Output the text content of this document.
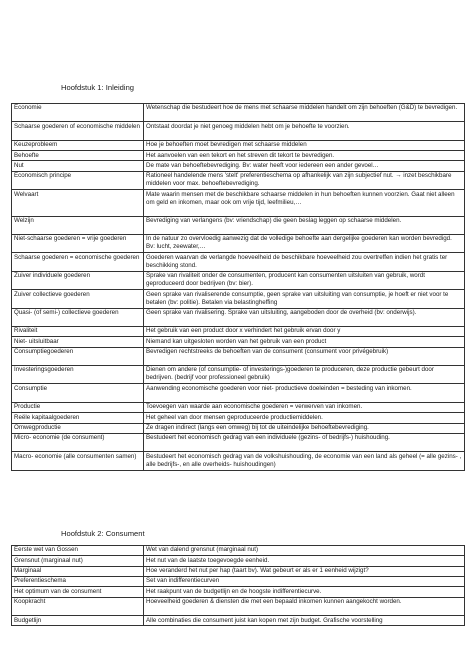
Hoofdstuk 1: Inleiding
Economie	Wetenschap die bestudeert hoe de mens met schaarse middelen handelt om zijn behoeften (G&D) te bevredigen.
Schaarse goederen of economische middelen	Ontstaat doordat je niet genoeg middelen hebt om je behoefte te voorzien.
Keuzeprobleem	Hoe je behoeften moet bevredigen met schaarse middelen
Behoefte	Het aanvoelen van een tekort en het streven dit tekort te bevredigen.
Nut	De mate van behoeftebevrediging. Bv: water heeft voor iedereen een ander gevoel…
Economisch principe	Rationeel handelende mens 'stelt' preferentieschema op afhankelijk van zijn subjectief nut. → inzet beschikbare middelen voor max. behoeftebevrediging.
Welvaart	Mate waarin mensen met de beschikbare schaarse middelen in hun behoeften kunnen voorzien. Gaat niet alleen om geld en inkomen, maar ook om vrije tijd, leefmilieu,…
Welzijn	Bevrediging van verlangens (bv: vriendschap) die geen beslag leggen op schaarse middelen.
Niet-schaarse goederen = vrije goederen	In de natuur zo overvloedig aanwezig dat de volledige behoefte aan dergelijke goederen kan worden bevredigd. Bv: lucht, zeewater,…
Schaarse goederen = economische goederen	Goederen waarvan de verlangde hoeveelheid de beschikbare hoeveelheid zou overtreffen indien het gratis ter beschikking stond.
Zuiver individuele goederen	Sprake van rivaliteit onder de consumenten, producent kan consumenten uitsluiten van gebruik, wordt geproduceerd door bedrijven (bv: bier).
Zuiver collectieve goederen	Geen sprake van rivaliserende consumptie, geen sprake van uitsluiting van consumptie, je hoeft er niet voor te betalen (bv: politie). Betalen via belastingheffing
Quasi- (of semi-) collectieve goederen	Geen sprake van rivalisering. Sprake van uitsluiting, aangeboden door de overheid (bv: onderwijs).
Rivaliteit	Het gebruik van een product door x verhindert het gebruik ervan door y
Niet- uitsluitbaar	Niemand kan uitgesloten worden van het gebruik van een product
Consumptiegoederen	Bevredigen rechtstreeks de behoeften van de consument (consument voor privégebruik)
Investeringsgoederen	Dienen om andere (of consumptie- of investerings-)goederen te produceren, deze productie gebeurt door bedrijven. (bedrijf voor professioneel gebruik)
Consumptie	Aanwending economische goederen voor niet- productieve doeleinden = besteding van inkomen.
Productie	Toevoegen van waarde aan economische goederen = verwerven van inkomen.
Reële kapitaalgoederen	Het geheel van door mensen geproduceerde productiemiddelen.
Omwegproductie	Ze dragen indirect (langs een omweg) bij tot de uiteindelijke behoeftebevrediging.
Micro- economie (de consument)	Bestudeert het economisch gedrag van een individuele (gezins- of bedrijfs-) huishouding.
Macro- economie (alle consumenten samen)	Bestudeert het economisch gedrag van de volkshuishouding, de economie van een land als geheel (= alle gezins- , alle bedrijfs-, en alle overheids- huishoudingen)
Hoofdstuk 2: Consument
Eerste wet van Gossen	Wet van dalend grensnut (marginaal nut)
Grensnut (marginaal nut)	Het nut van de laatste toegevoegde eenheid.
Marginaal	Hoe veranderd het nut per hap (taart bv). Wat gebeurt er als er 1 eenheid wijzigt?
Preferentieschema	Set van indifferentiecurven
Het optimum van de consument	Het raakpunt van de budgetlijn en de hoogste indifferentiecurve.
Koopkracht	Hoeveelheid goederen & diensten die met een bepaald inkomen kunnen aangekocht worden.
Budgetlijn	Alle combinaties die consument juist kan kopen met zijn budget. Grafische voorstelling
